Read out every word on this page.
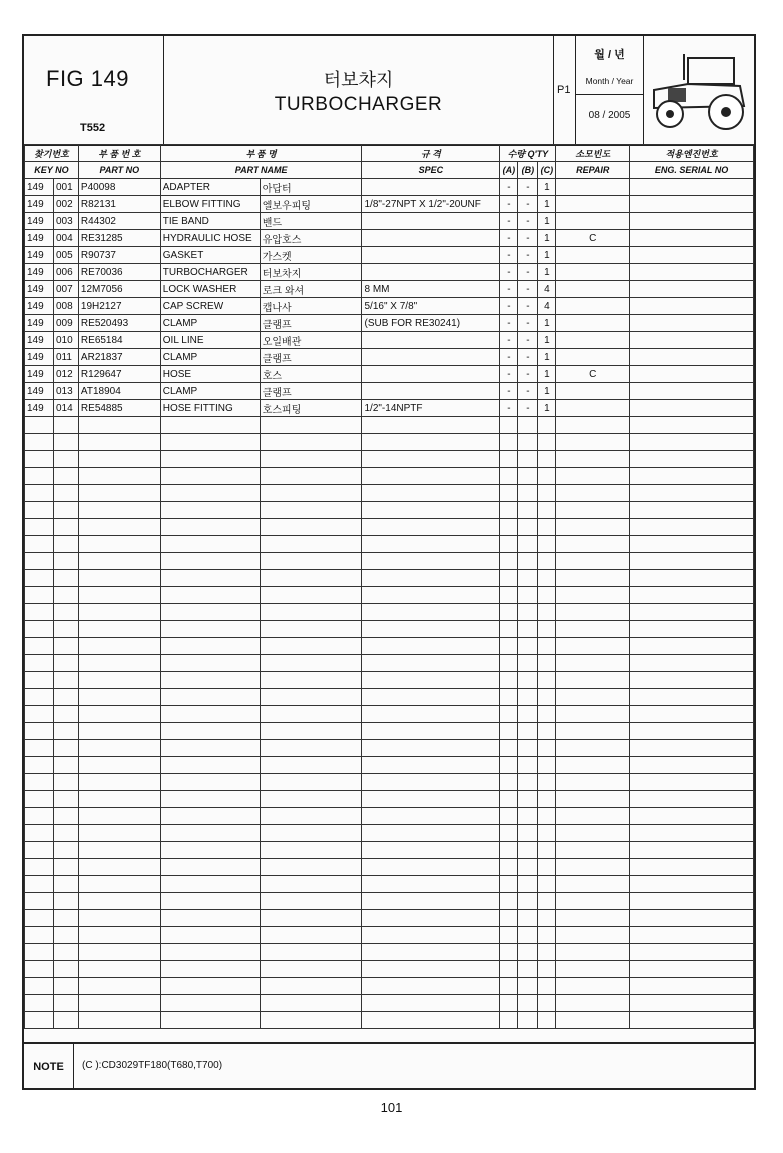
FIG 149
T552
터보챠지
TURBOCHARGER
P1
월 / 년
Month / Year
08 / 2005
찾기번호		부 품 번 호	부 품 명		규 격	수량 Q'TY			소모빈도	적용엔진번호
KEY NO		PART NO	PART NAME		SPEC	(A)	(B)	(C)	REPAIR	ENG. SERIAL NO
149	001	P40098	ADAPTER	아답터		-	-	1		
149	002	R82131	ELBOW FITTING	엘보우피팅	1/8"-27NPT X 1/2"-20UNF	-	-	1		
149	003	R44302	TIE BAND	밴드		-	-	1		
149	004	RE31285	HYDRAULIC HOSE	유압호스		-	-	1	C	
149	005	R90737	GASKET	가스켓		-	-	1		
149	006	RE70036	TURBOCHARGER	터보차지		-	-	1		
149	007	12M7056	LOCK WASHER	로크 와셔	8 MM	-	-	4		
149	008	19H2127	CAP SCREW	캡나사	5/16" X 7/8"	-	-	4		
149	009	RE520493	CLAMP	클램프	(SUB FOR RE30241)	-	-	1		
149	010	RE65184	OIL LINE	오일배관		-	-	1		
149	011	AR21837	CLAMP	클램프		-	-	1		
149	012	R129647	HOSE	호스		-	-	1	C	
149	013	AT18904	CLAMP	클램프		-	-	1		
149	014	RE54885	HOSE FITTING	호스피팅	1/2"-14NPTF	-	-	1		

NOTE	(C ):CD3029TF180(T680,T700)
101
